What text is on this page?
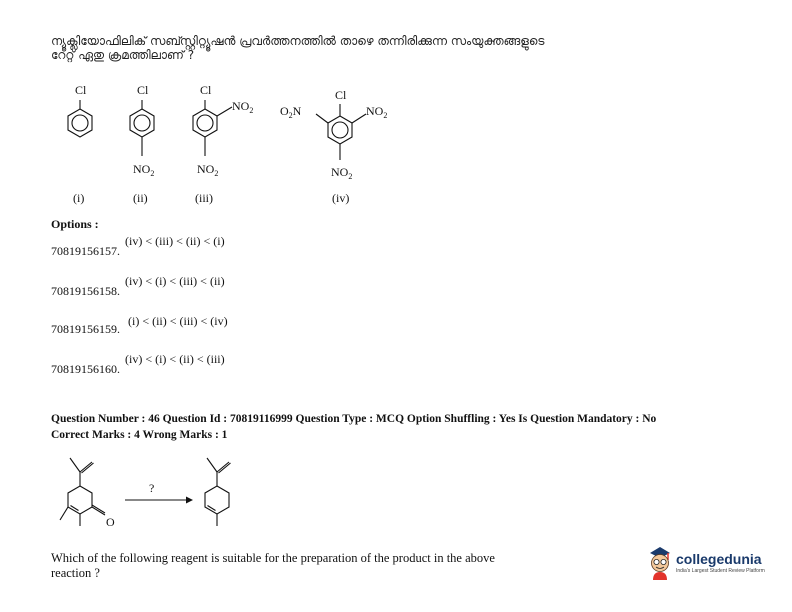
ന്യൂക്ലിയോഫിലിക് സബ്സ്റ്റിറ്റ്യൂഷൻ പ്രവർത്തനത്തിൽ താഴെ തന്നിരിക്കുന്ന സംയുക്തങ്ങളുടെ
റേറ്റ് ഏതു ക്രമത്തിലാണ് ?
Cl	Cl
$NO_2$
Cl
$NO_2$
$NO_2$
Cl
$NO_2$
$O_2N$
$NO_2$
(i)	(ii)	(iii)	(iv)
Options :
70819156157.
(iv) < (iii) < (ii) < (i)
70819156158.
(iv) < (i) < (iii) < (ii)
70819156159.
(i) < (ii) < (iii) < (iv)
70819156160.
(iv) < (i) < (ii) < (iii)
Question Number : 46 Question Id : 70819116999 Question Type : MCQ Option Shuffling : Yes Is Question Mandatory : No
Correct Marks : 4 Wrong Marks : 1
O
?
Which of the following reagent is suitable for the preparation of the product in the above
reaction ?
collegedunia
India's Largest Student Review Platform
